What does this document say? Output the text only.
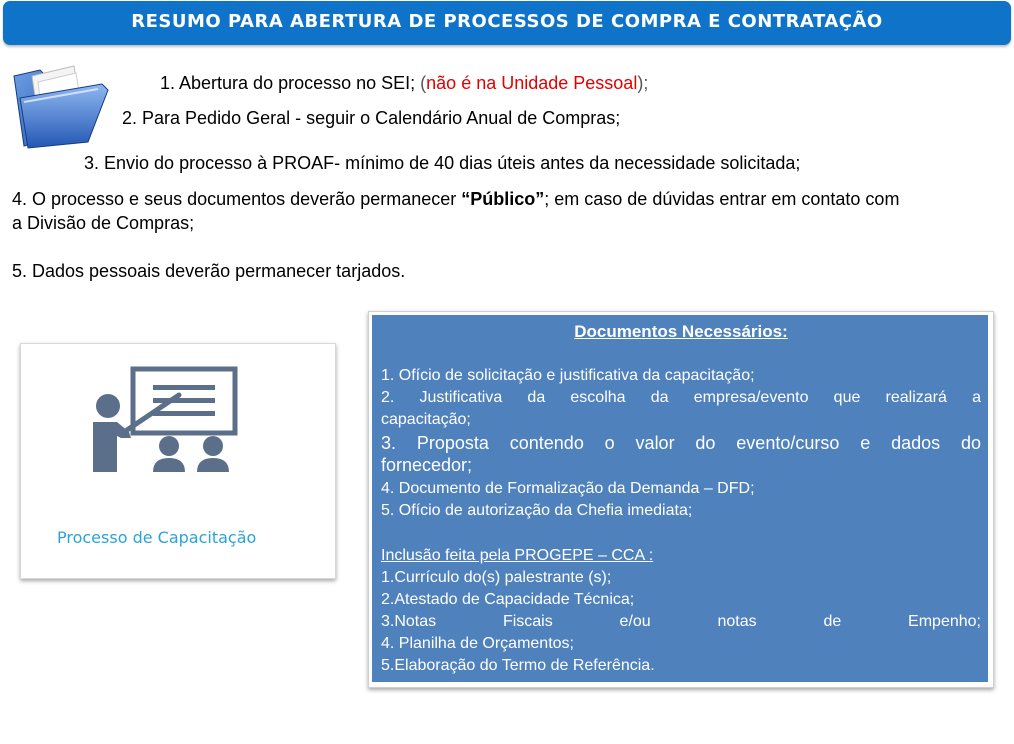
RESUMO PARA ABERTURA DE PROCESSOS DE COMPRA E CONTRATAÇÃO
1. Abertura do processo no SEI; (não é na Unidade Pessoal);
2. Para Pedido Geral - seguir o Calendário Anual de Compras;
3. Envio do processo à PROAF- mínimo de 40 dias úteis antes da necessidade solicitada;
4. O processo e seus documentos deverão permanecer “Público”; em caso de dúvidas entrar em contato com
a Divisão de Compras;
5. Dados pessoais deverão permanecer tarjados.
Processo de Capacitação
Documentos Necessários:
1. Ofício de solicitação e justificativa da capacitação;
2. Justificativa da escolha da empresa/evento que realizará a
capacitação;
3. Proposta contendo o valor do evento/curso e dados do
fornecedor;
4. Documento de Formalização da Demanda – DFD;
5. Ofício de autorização da Chefia imediata;
Inclusão feita pela PROGEPE – CCA :
1.Currículo do(s) palestrante (s);
2.Atestado de Capacidade Técnica;
3.Notas Fiscais e/ou notas de Empenho;
4. Planilha de Orçamentos;
5.Elaboração do Termo de Referência.
